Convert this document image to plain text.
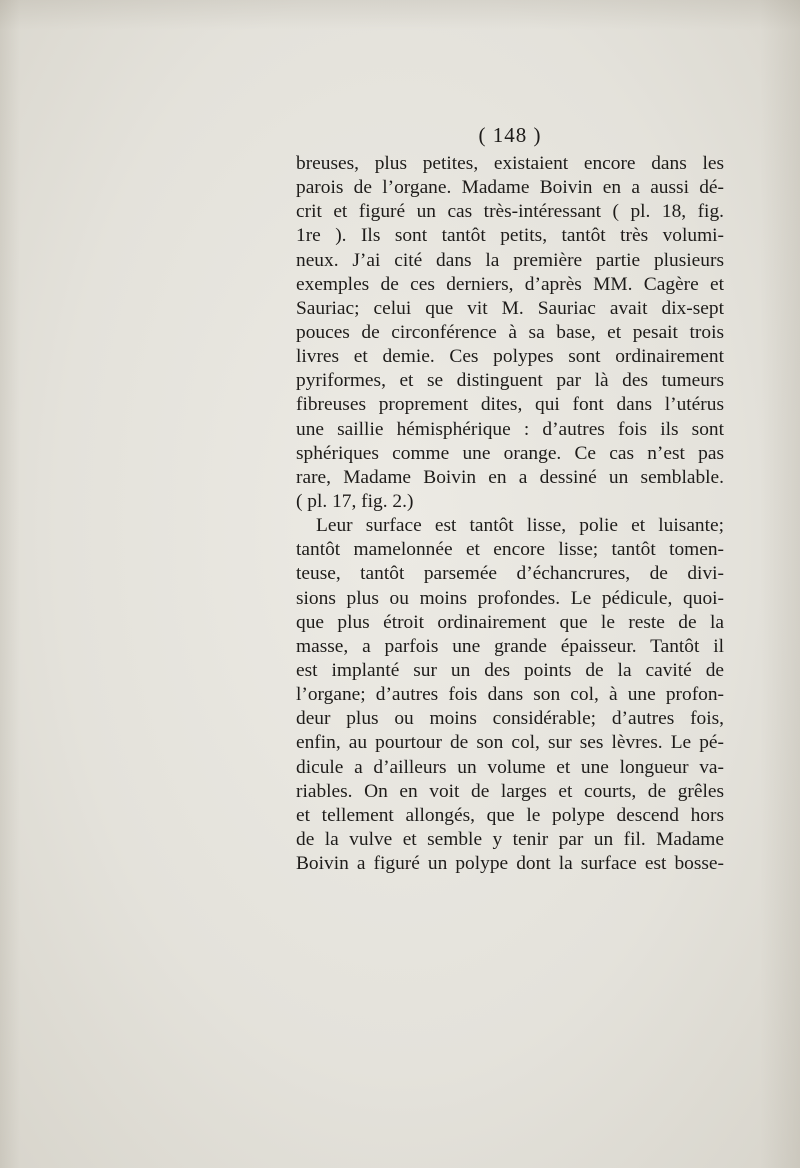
( 148 )
breuses, plus petites, existaient encore dans les
parois de l’organe. Madame Boivin en a aussi dé-
crit et figuré un cas très-intéressant ( pl. 18, fig.
1re ). Ils sont tantôt petits, tantôt très volumi-
neux. J’ai cité dans la première partie plusieurs
exemples de ces derniers, d’après MM. Cagère et
Sauriac; celui que vit M. Sauriac avait dix-sept
pouces de circonférence à sa base, et pesait trois
livres et demie. Ces polypes sont ordinairement
pyriformes, et se distinguent par là des tumeurs
fibreuses proprement dites, qui font dans l’utérus
une saillie hémisphérique : d’autres fois ils sont
sphériques comme une orange. Ce cas n’est pas
rare, Madame Boivin en a dessiné un semblable.
( pl. 17, fig. 2.)
Leur surface est tantôt lisse, polie et luisante;
tantôt mamelonnée et encore lisse; tantôt tomen-
teuse, tantôt parsemée d’échancrures, de divi-
sions plus ou moins profondes. Le pédicule, quoi-
que plus étroit ordinairement que le reste de la
masse, a parfois une grande épaisseur. Tantôt il
est implanté sur un des points de la cavité de
l’organe; d’autres fois dans son col, à une profon-
deur plus ou moins considérable; d’autres fois,
enfin, au pourtour de son col, sur ses lèvres. Le pé-
dicule a d’ailleurs un volume et une longueur va-
riables. On en voit de larges et courts, de grêles
et tellement allongés, que le polype descend hors
de la vulve et semble y tenir par un fil. Madame
Boivin a figuré un polype dont la surface est bosse-
